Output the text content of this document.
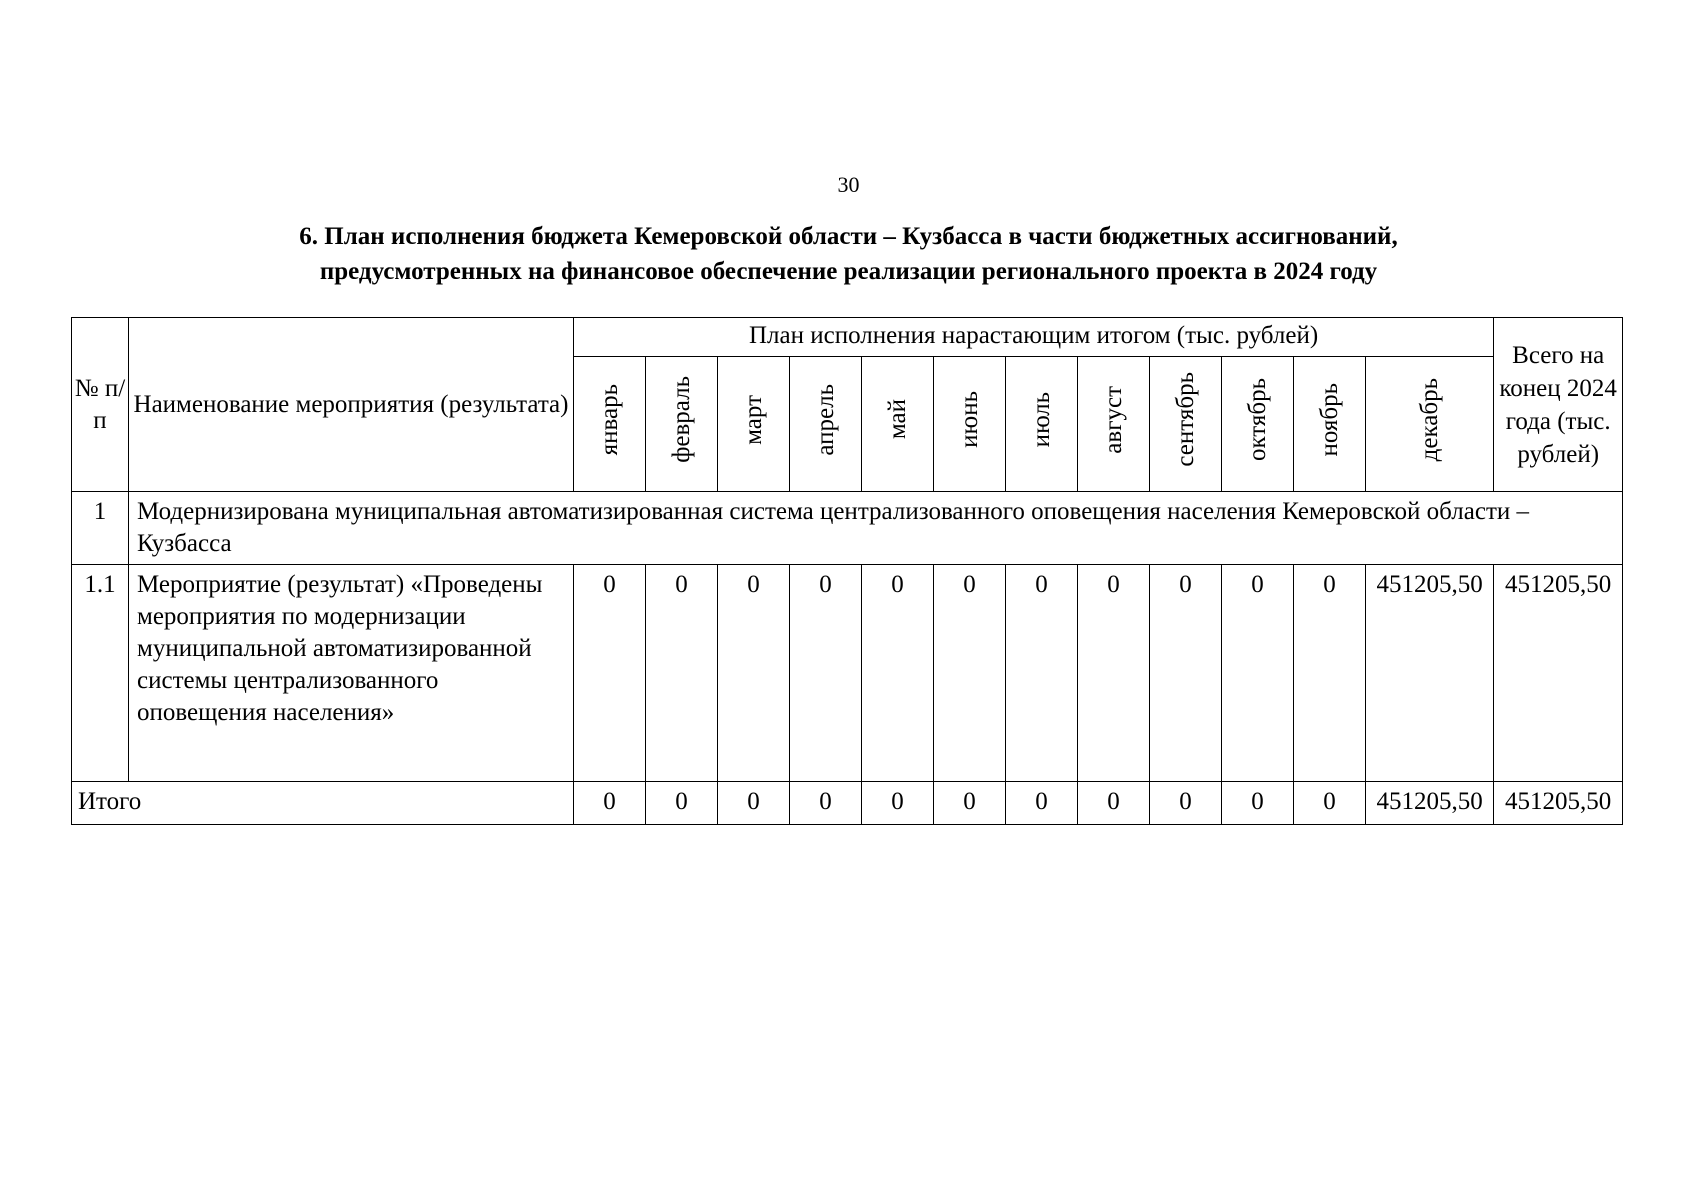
30
6. План исполнения бюджета Кемеровской области – Кузбасса в части бюджетных ассигнований,
предусмотренных на финансовое обеспечение реализации регионального проекта в 2024 году
№ п/п	Наименование мероприятия (результата)	План исполнения нарастающим итогом (тыс. рублей)												Всего на конец 2024 года (тыс. рублей)
		январь	февраль	март	апрель	май	июнь	июль	август	сентябрь	октябрь	ноябрь	декабрь	
1	Модернизирована муниципальная автоматизированная система централизованного оповещения населения Кемеровской области – Кузбасса													
1.1	Мероприятие (результат) «Проведены мероприятия по модернизации муниципальной автоматизированной системы централизованного оповещения населения»	0	0	0	0	0	0	0	0	0	0	0	451205,50	451205,50
Итого		0	0	0	0	0	0	0	0	0	0	0	451205,50	451205,50
